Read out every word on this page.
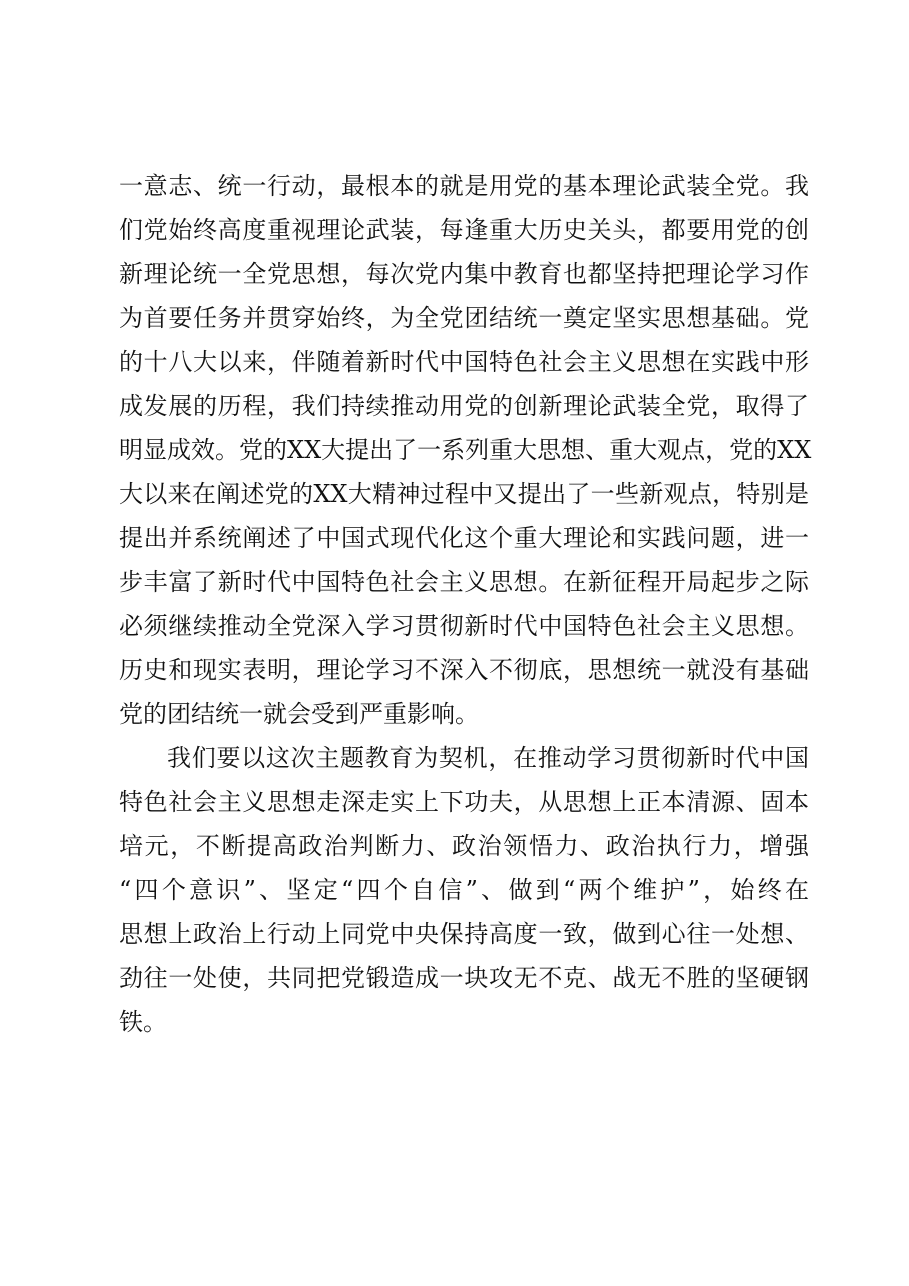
一意志、统一行动，最根本的就是用党的基本理论武装全党。我
们党始终高度重视理论武装，每逢重大历史关头，都要用党的创
新理论统一全党思想，每次党内集中教育也都坚持把理论学习作
为首要任务并贯穿始终，为全党团结统一奠定坚实思想基础。党
的十八大以来，伴随着新时代中国特色社会主义思想在实践中形
成发展的历程，我们持续推动用党的创新理论武装全党，取得了
明显成效。党的XX大提出了一系列重大思想、重大观点，党的XX
大以来在阐述党的XX大精神过程中又提出了一些新观点，特别是
提出并系统阐述了中国式现代化这个重大理论和实践问题，进一
步丰富了新时代中国特色社会主义思想。在新征程开局起步之际
必须继续推动全党深入学习贯彻新时代中国特色社会主义思想。
历史和现实表明，理论学习不深入不彻底，思想统一就没有基础
党的团结统一就会受到严重影响。
我们要以这次主题教育为契机，在推动学习贯彻新时代中国
特色社会主义思想走深走实上下功夫，从思想上正本清源、固本
培元，不断提高政治判断力、政治领悟力、政治执行力，增强
“四个意识”、坚定“四个自信”、做到“两个维护”，始终在
思想上政治上行动上同党中央保持高度一致，做到心往一处想、
劲往一处使，共同把党锻造成一块攻无不克、战无不胜的坚硬钢
铁。
